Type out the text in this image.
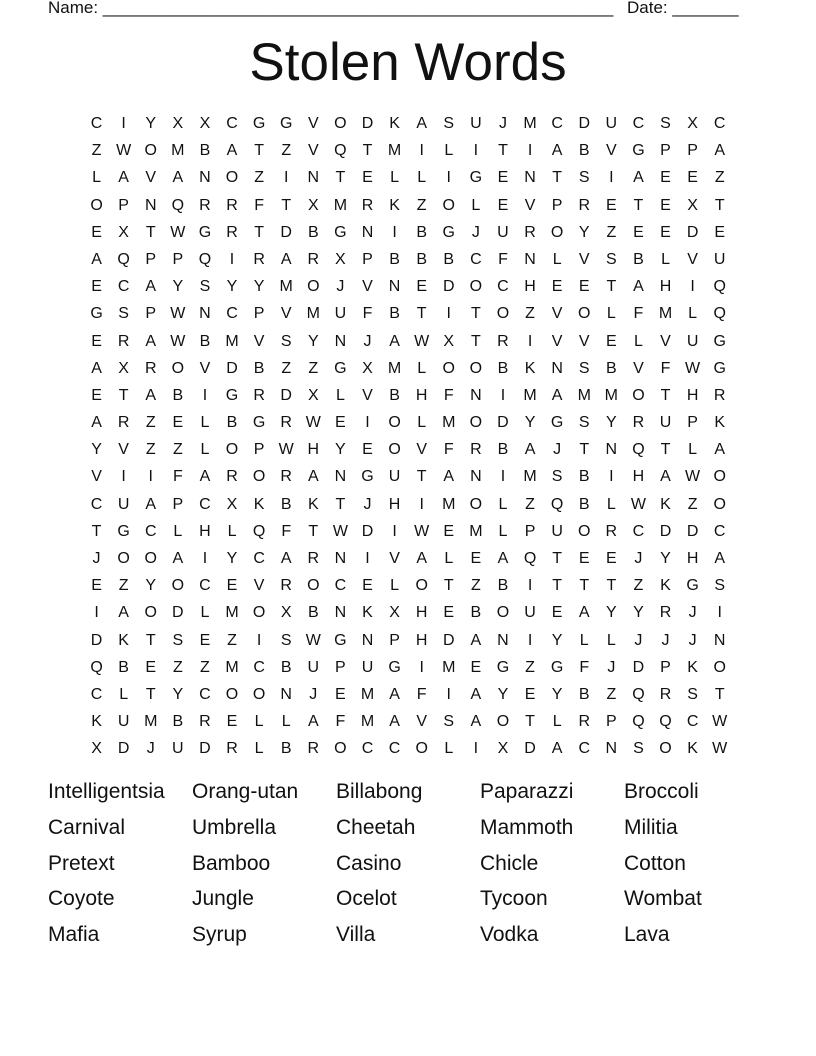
Name: ______________________________________________________ Date: _______
Stolen Words
C	I	Y	X	X C G G V O D K	A	S U	J	M C D U C S	X C
Z W O M B	A	T	Z	V Q T M	I	L	I	T	I	A	B	V G P	P	A
L	A	V	A N O Z	I	N	T	E	L	L	I	G E N	T	S	I	A	E	E	Z
O P N Q R R	F	T	X M R K	Z O	L	E	V	P R E	T	E	X	T
E	X	T W G R	T	D B G N	I	B G	J	U R O Y	Z	E	E D E
A Q P	P Q	I	R A R X	P	B	B	B C	F	N	L	V	S	B	L	V U
E C A	Y	S	Y	Y M O	J	V N E D O C H E	E	T	A H	I	Q
G S	P W N C P	V M U	F	B	T	I	T O Z	V O	L	F M L	Q
E R A W B M V	S	Y N	J	A W X	T	R	I	V	V	E	L	V U G
A	X R O V D B	Z	Z G X M L	O O B	K N S	B	V	F W G
E	T	A	B	I	G R D X	L	V	B H	F	N	I	M A M M O T	H R
A R	Z	E	L	B G R W E	I	O	L M O D Y G S	Y R U P	K
Y	V	Z	Z	L	O P W H Y	E O V	F	R B	A	J	T	N Q T	L	A
V	I	I	F	A R O R A N G U	T	A N	I	M S	B	I	H A W O
C U A	P C X	K	B	K	T	J	H	I	M O	L	Z Q B	L W K	Z O
T G C	L	H	L	Q F	T W D	I	W E M L	P U O R C D D C
J	O O A	I	Y C A R N	I	V	A	L	E	A Q T	E	E	J	Y H A
E	Z	Y O C E	V R O C E	L	O T	Z	B	I	T	T	T	Z	K G S
I	A O D	L M O X	B N K	X H E	B O U E	A	Y	Y R	J	I
D K	T	S	E	Z	I	S W G N P H D A N	I	Y	L	L	J	J	J	N
Q B	E	Z	Z M C B U P U G	I	M E G Z G F	J	D P	K O
C	L	T	Y C O O N	J	E M A	F	I	A	Y	E	Y	B	Z Q R S	T
K U M B R E	L	L	A	F M A	V	S	A O T	L	R P Q Q C W
X D	J	U D R	L	B R O C C O	L	I	X D A C N S O K W
Intelligentsia	Orang-utan	Billabong	Paparazzi	Broccoli
Carnival	Umbrella	Cheetah	Mammoth	Militia
Pretext	Bamboo	Casino	Chicle	Cotton
Coyote	Jungle	Ocelot	Tycoon	Wombat
Mafia	Syrup	Villa	Vodka	Lava
